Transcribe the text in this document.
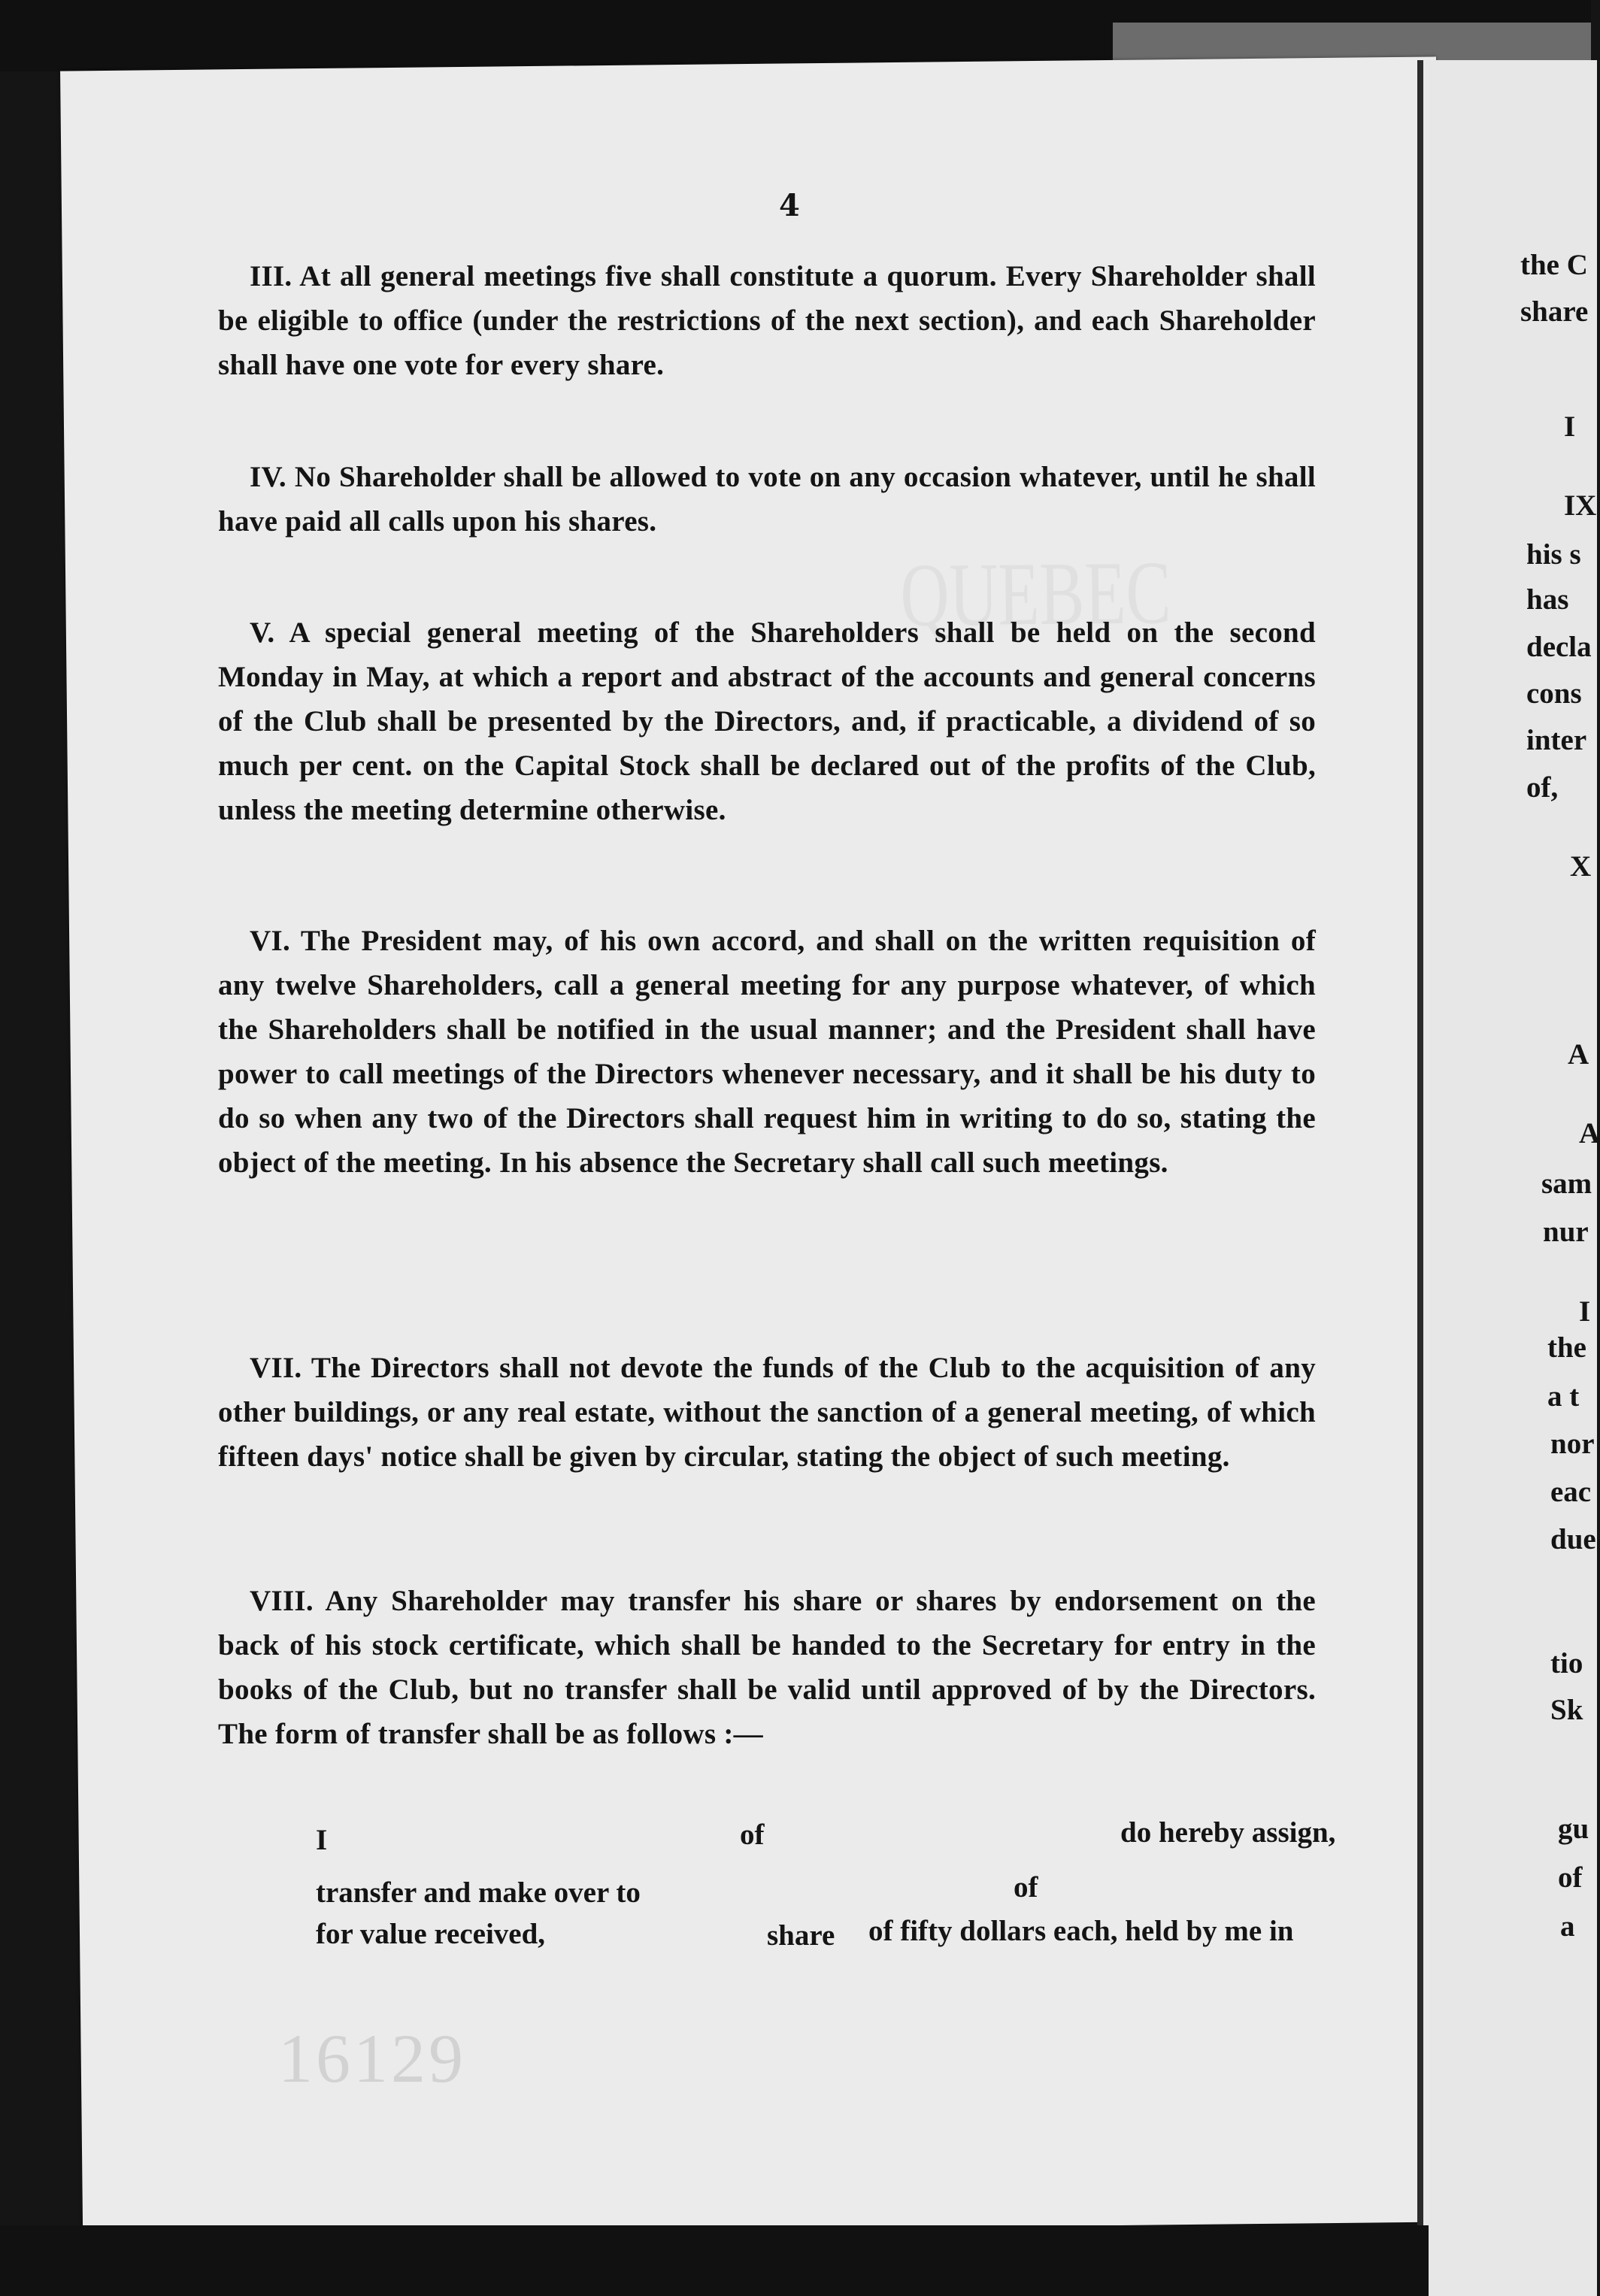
QUEBEC
4
III. At all general meetings five shall constitute a quorum. Every Shareholder shall be eligible to office (under the restrictions of the next section), and each Shareholder shall have one vote for every share.
IV. No Shareholder shall be allowed to vote on any occasion whatever, until he shall have paid all calls upon his shares.
V. A special general meeting of the Shareholders shall be held on the second Monday in May, at which a report and abstract of the accounts and general concerns of the Club shall be presented by the Directors, and, if practicable, a dividend of so much per cent. on the Capital Stock shall be declared out of the profits of the Club, unless the meeting determine otherwise.
VI. The President may, of his own accord, and shall on the written requisition of any twelve Shareholders, call a general meeting for any purpose whatever, of which the Shareholders shall be notified in the usual manner; and the President shall have power to call meetings of the Directors whenever necessary, and it shall be his duty to do so when any two of the Directors shall request him in writing to do so, stating the object of the meeting. In his absence the Secretary shall call such meetings.
VII. The Directors shall not devote the funds of the Club to the acquisition of any other buildings, or any real estate, without the sanction of a general meeting, of which fifteen days' notice shall be given by circular, stating the object of such meeting.
VIII. Any Shareholder may transfer his share or shares by endorsement on the back of his stock certificate, which shall be handed to the Secretary for entry in the books of the Club, but no transfer shall be valid until approved of by the Directors. The form of transfer shall be as follows :—
I	of	do hereby assign,
transfer and make over to	of
for value received,	share of fifty dollars each, held by me in
16129
the C
share
I
IX
his s
has
decla
cons
inter
of,
X
A
A
sam
nur
I
the
a t
nor
eac
due
tio
Sk
gu
of
a
